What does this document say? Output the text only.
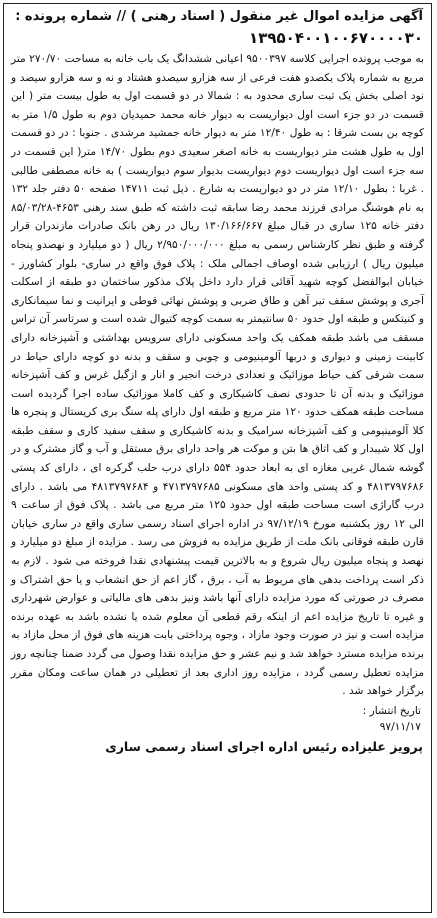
آگهی مزایده اموال غیر منقول ( اسناد رهنی ) // شماره پرونده :
۱۳۹۵۰۴۰۰۱۰۰۶۷۰۰۰۰۳۰

به موجب پرونده اجرایی کلاسه ۹۵۰۰۳۹۷ اعیانی ششدانگ یک باب خانه به مساحت ۲۷۰/۷۰ متر مربع به شماره پلاک یکصدو هفت فرعی از سه هزارو سیصدو هشتاد و نه و سه هزارو سیصد و نود اصلی بخش یک ثبت ساری محدود به : شمالا در دو قسمت اول به طول بیست متر ( این قسمت در دو جزء است اول دیواریست به دیوار خانه محمد حمیدیان دوم به طول ۱/۵ متر به کوچه بن بست شرقا : به طول ۱۲/۴۰ متر به دیوار خانه جمشید مرشدی . جنوبا : در دو قسمت اول به طول هشت متر دیواریست به خانه اصغر سعیدی دوم بطول ۱۴/۷۰ متر( این قسمت در سه جزء است اول دیواریست دوم دیواریست بدیوار سوم دیواریست ) به خانه مصطفی طالبی . غربا : بطول ۱۲/۱۰ متر در دو دیواریست به شارع . ذیل ثبت ۱۴۷۱۱ صفحه ۵۰ دفتر جلد ۱۳۲ به نام هوشنگ مرادی فرزند محمد رضا سابقه ثبت داشته که طبق سند رهنی ۴۶۵۳-۸۵/۰۳/۲۸ دفتر خانه ۱۲۵ ساری در قبال مبلغ ۱۳۰/۱۶۶/۶۶۷ ریال در رهن بانک صادرات مازندران قرار گرفته و طبق نظر کارشناس رسمی به مبلغ ۲/۹۵۰/۰۰۰/۰۰۰ ریال ( دو میلیارد و نهصدو پنجاه میلیون ریال ) ارزیابی شده اوصاف اجمالی ملک : پلاک فوق واقع در ساری- بلوار کشاورز - خیابان ابوالفضل کوچه شهید آقائی قرار دارد داخل پلاک مذکور ساختمان دو طبقه از اسکلت آجری و پوشش سقف تیر آهن و طاق ضربی و پوشش نهائی قوطی و ایرانیت و نما سیمانکاری و کنیتکس و طبقه اول حدود ۵۰ سانتیمتر به سمت کوچه کتیوال شده است و سرتاسر آن تراس مسقف می باشد طبقه همکف یک واحد مسکونی دارای سرویس بهداشتی و آشپزخانه دارای کابینت زمینی و دیواری و دربها آلومینیومی و چوبی و سقف و بدنه دو کوچه دارای حیاط در سمت شرقی کف حیاط موزائیک و تعدادی درخت انجیر و انار و ازگیل غرس و کف آشپزخانه موزائیک و بدنه آن تا حدودی نصف کاشیکاری و کف کاملا موزائیک ساده اجرا گردیده است مساحت طبقه همکف حدود ۱۲۰ متر مربع و طبقه اول دارای پله سنگ بری کریستال و پنجره ها کلا آلومینیومی و کف آشپزخانه سرامیک و بدنه کاشیکاری و سقف سفید کاری و سقف طبقه اول کلا شیبدار و کف اتاق ها بتن و موکت هر واحد دارای برق مستقل و آب و گاز مشترک و در گوشه شمال غربی مغازه ای به ابعاد حدود ۵۵۴ دارای درب حلب گرکره ای ، دارای کد پستی ۴۸۱۳۷۹۷۶۸۶ و کد پستی واحد های مسکونی ۴۷۱۳۷۹۷۶۸۵ و ۴۸۱۳۷۹۷۶۸۴ می باشد . دارای درب گاراژی است مساحت طبقه اول حدود ۱۲۵ متر مربع می باشد . پلاک فوق از ساعت ۹ الی ۱۲ روز یکشنبه مورخ ۹۷/۱۲/۱۹ در اداره اجرای اسناد رسمی ساری واقع در ساری خیابان قارن طبقه فوقانی بانک ملت از طریق مزایده به فروش می رسد . مزایده از مبلغ دو میلیارد و نهصد و پنجاه میلیون ریال شروع و به بالاترین قیمت پیشنهادی نقدا فروخته می شود . لازم به ذکر است پرداخت بدهی های مربوط به آب ، برق ، گاز اعم از حق انشعاب و یا حق اشتراک و مصرف در صورتی که مورد مزایده دارای آنها باشد ونیز بدهی های مالیاتی و عوارض شهرداری و غیره تا تاریخ مزایده اعم از اینکه رقم قطعی آن معلوم شده یا نشده باشد به عهده برنده مزایده است و نیز در صورت وجود مازاد ، وجوه پرداختی بابت هزینه های فوق از محل مازاد به برنده مزایده مسترد خواهد شد و نیم عشر و حق مزایده نقدا وصول می گردد ضمنا چنانچه روز مزایده تعطیل رسمی گردد ، مزایده روز اداری بعد از تعطیلی در همان ساعت ومکان مقرر برگزار خواهد شد .

تاریخ انتشار :
۹۷/۱۱/۱۷
پرویز علیزاده رئیس اداره اجرای اسناد رسمی ساری
